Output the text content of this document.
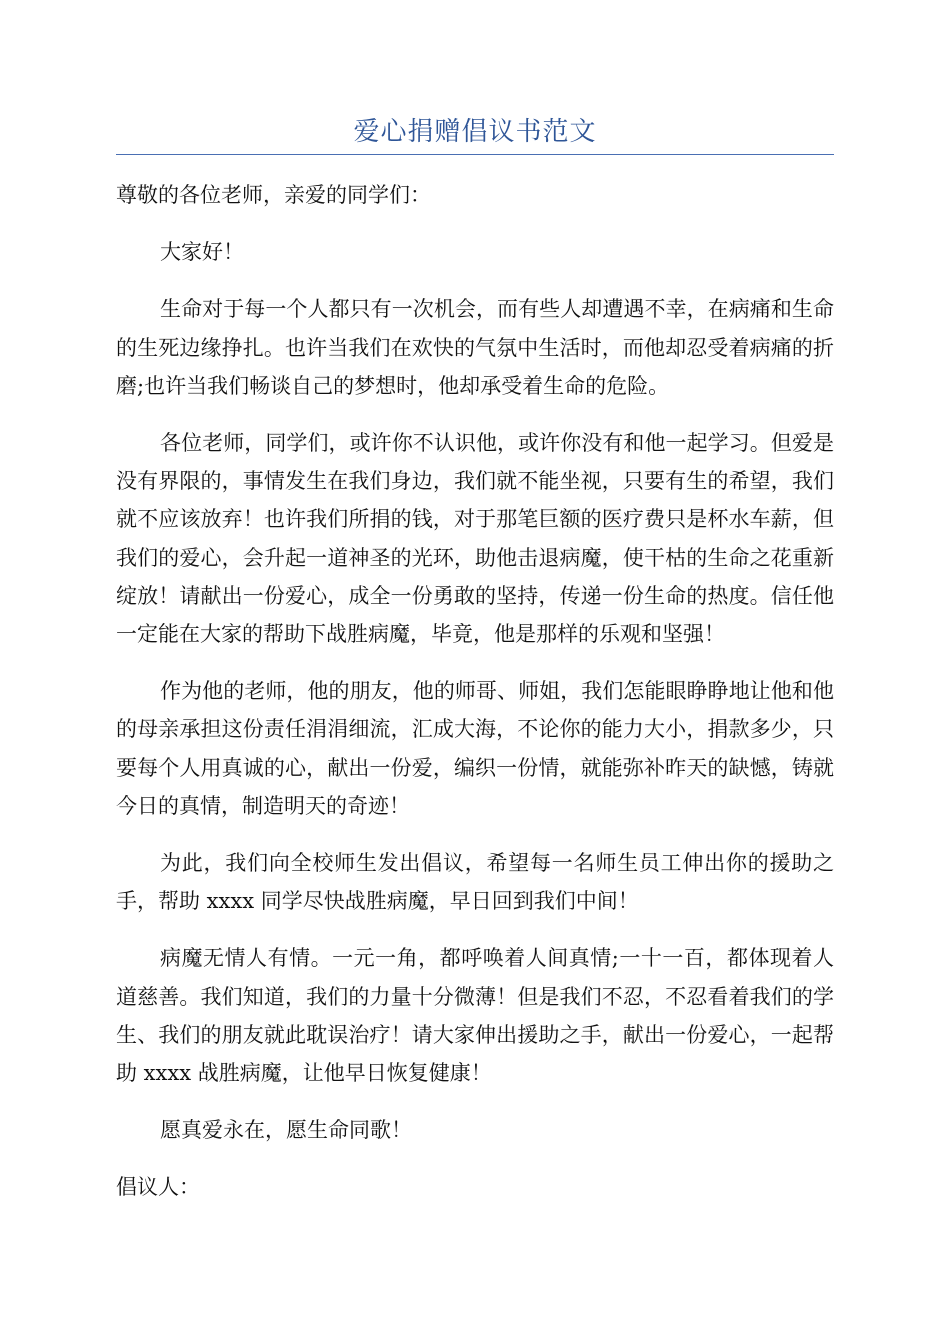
爱心捐赠倡议书范文

尊敬的各位老师，亲爱的同学们：

大家好！

生命对于每一个人都只有一次机会，而有些人却遭遇不幸，在病痛和生命的生死边缘挣扎。也许当我们在欢快的气氛中生活时，而他却忍受着病痛的折磨;也许当我们畅谈自己的梦想时，他却承受着生命的危险。

各位老师，同学们，或许你不认识他，或许你没有和他一起学习。但爱是没有界限的，事情发生在我们身边，我们就不能坐视，只要有生的希望，我们就不应该放弃！也许我们所捐的钱，对于那笔巨额的医疗费只是杯水车薪，但我们的爱心，会升起一道神圣的光环，助他击退病魔，使干枯的生命之花重新绽放！请献出一份爱心，成全一份勇敢的坚持，传递一份生命的热度。信任他一定能在大家的帮助下战胜病魔，毕竟，他是那样的乐观和坚强！

作为他的老师，他的朋友，他的师哥、师姐，我们怎能眼睁睁地让他和他的母亲承担这份责任涓涓细流，汇成大海，不论你的能力大小，捐款多少，只要每个人用真诚的心，献出一份爱，编织一份情，就能弥补昨天的缺憾，铸就今日的真情，制造明天的奇迹！

为此，我们向全校师生发出倡议，希望每一名师生员工伸出你的援助之手，帮助 xxxx 同学尽快战胜病魔，早日回到我们中间！

病魔无情人有情。一元一角，都呼唤着人间真情;一十一百，都体现着人道慈善。我们知道，我们的力量十分微薄！但是我们不忍，不忍看着我们的学生、我们的朋友就此耽误治疗！请大家伸出援助之手，献出一份爱心，一起帮助 xxxx 战胜病魔，让他早日恢复健康！

愿真爱永在，愿生命同歌！

倡议人：
